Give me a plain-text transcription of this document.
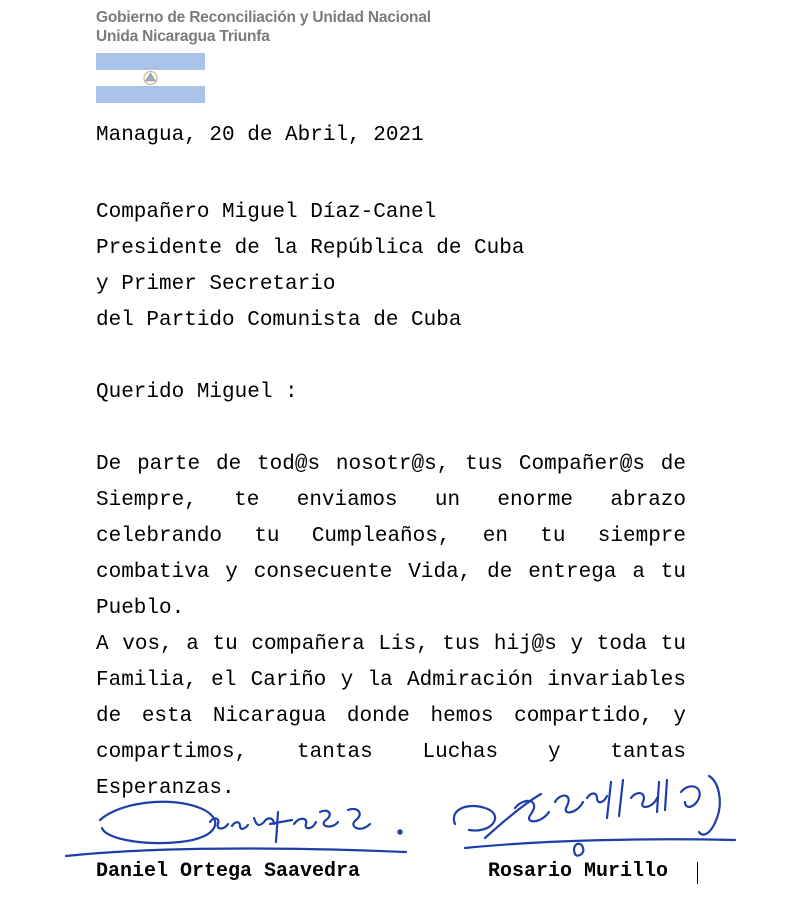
Gobierno de Reconciliación y Unidad Nacional
Unida Nicaragua Triunfa
Managua, 20 de Abril, 2021
Compañero Miguel Díaz-Canel
Presidente de la República de Cuba
y Primer Secretario
del Partido Comunista de Cuba
Querido Miguel :
De parte de tod@s nosotr@s, tus Compañer@s de Siempre, te enviamos un enorme abrazo celebrando tu Cumpleaños, en tu siempre combativa y consecuente Vida, de entrega a tu Pueblo.
A vos, a tu compañera Lis, tus hij@s y toda tu Familia, el Cariño y la Admiración invariables de esta Nicaragua donde hemos compartido, y compartimos, tantas Luchas y tantas Esperanzas.
Daniel Ortega Saavedra	Rosario Murillo
